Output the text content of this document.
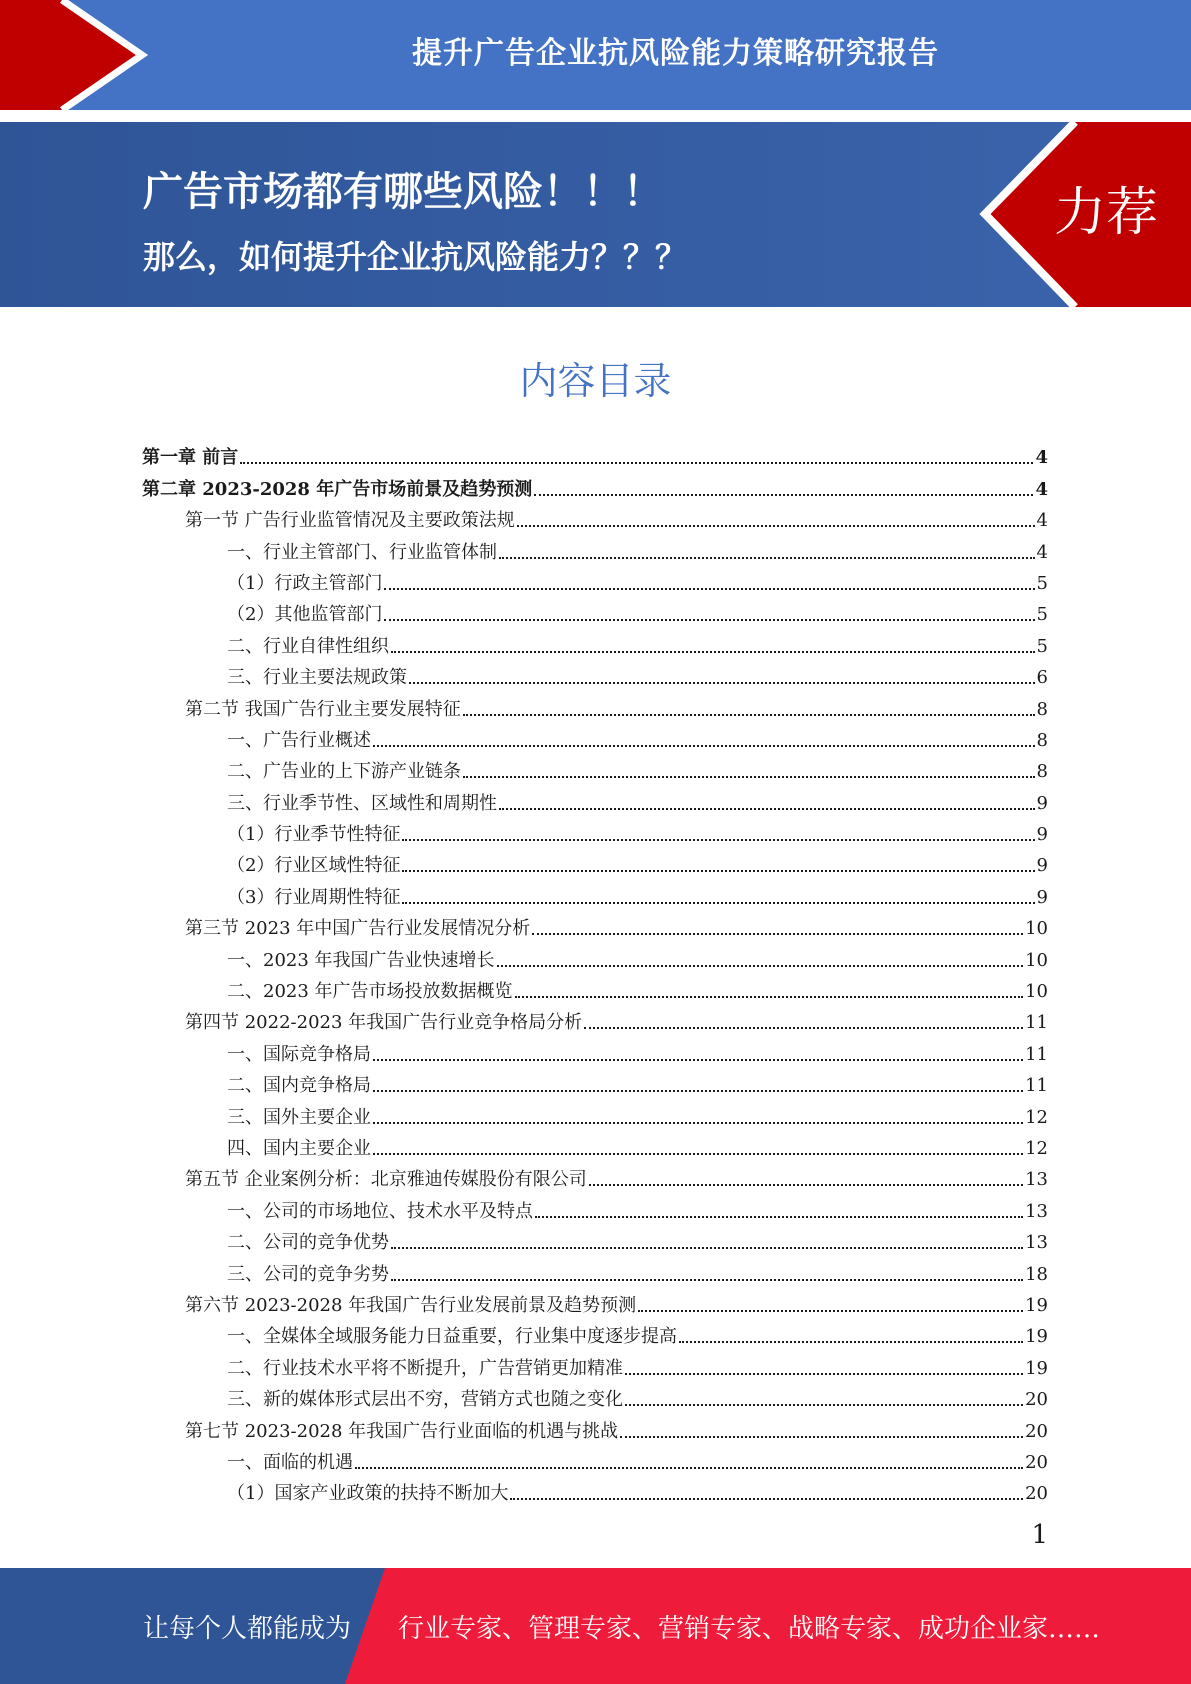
提升广告企业抗风险能力策略研究报告
广告市场都有哪些风险！！！
那么，如何提升企业抗风险能力？？？
力荐
内容目录
第一章 前言	4
第二章 2023-2028 年广告市场前景及趋势预测	4
第一节 广告行业监管情况及主要政策法规	4
一、行业主管部门、行业监管体制	4
（1）行政主管部门	5
（2）其他监管部门	5
二、行业自律性组织	5
三、行业主要法规政策	6
第二节 我国广告行业主要发展特征	8
一、广告行业概述	8
二、广告业的上下游产业链条	8
三、行业季节性、区域性和周期性	9
（1）行业季节性特征	9
（2）行业区域性特征	9
（3）行业周期性特征	9
第三节 2023 年中国广告行业发展情况分析	10
一、2023 年我国广告业快速增长	10
二、2023 年广告市场投放数据概览	10
第四节 2022-2023 年我国广告行业竞争格局分析	11
一、国际竞争格局	11
二、国内竞争格局	11
三、国外主要企业	12
四、国内主要企业	12
第五节 企业案例分析：北京雅迪传媒股份有限公司	13
一、公司的市场地位、技术水平及特点	13
二、公司的竞争优势	13
三、公司的竞争劣势	18
第六节 2023-2028 年我国广告行业发展前景及趋势预测	19
一、全媒体全域服务能力日益重要，行业集中度逐步提高	19
二、行业技术水平将不断提升，广告营销更加精准	19
三、新的媒体形式层出不穷，营销方式也随之变化	20
第七节 2023-2028 年我国广告行业面临的机遇与挑战	20
一、面临的机遇	20
（1）国家产业政策的扶持不断加大	20
1
让每个人都能成为 行业专家、管理专家、营销专家、战略专家、成功企业家……
